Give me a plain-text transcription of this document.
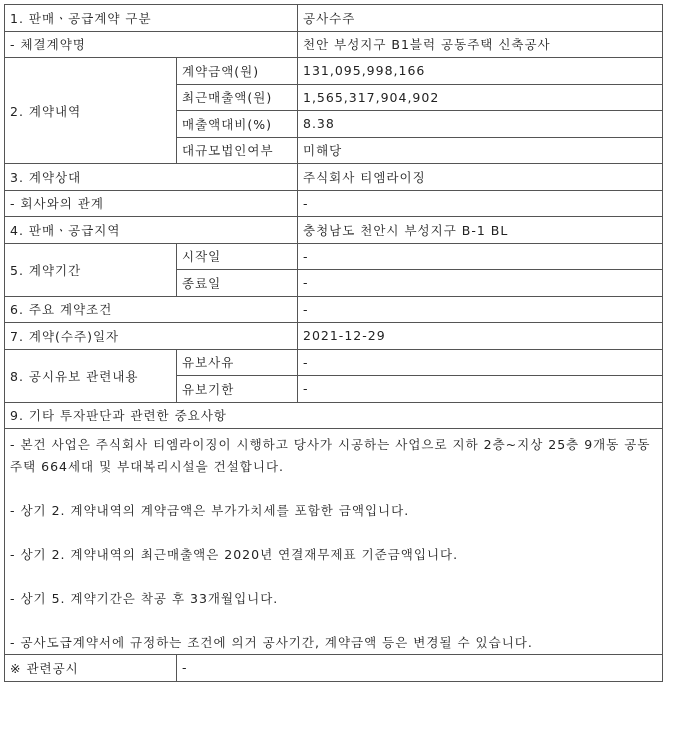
1. 판매ㆍ공급계약 구분		공사수주
- 체결계약명		천안 부성지구 B1블럭 공동주택 신축공사
2. 계약내역	계약금액(원)	131,095,998,166
	최근매출액(원)	1,565,317,904,902
	매출액대비(%)	8.38
	대규모법인여부	미해당
3. 계약상대		주식회사 티엠라이징
- 회사와의 관계		-
4. 판매ㆍ공급지역		충청남도 천안시 부성지구 B-1 BL
5. 계약기간	시작일	-
	종료일	-
6. 주요 계약조건		-
7. 계약(수주)일자		2021-12-29
8. 공시유보 관련내용	유보사유	-
	유보기한	-
9. 기타 투자판단과 관련한 중요사항		

- 본건 사업은 주식회사 티엠라이징이 시행하고 당사가 시공하는 사업으로 지하 2층~지상 25층 9개동 공동주택 664세대 및 부대복리시설을 건설합니다.
- 상기 2. 계약내역의 계약금액은 부가가치세를 포함한 금액입니다.
- 상기 2. 계약내역의 최근매출액은 2020년 연결재무제표 기준금액입니다.
- 상기 5. 계약기간은 착공 후 33개월입니다.
- 공사도급계약서에 규정하는 조건에 의거 공사기간, 계약금액 등은 변경될 수 있습니다.		

※ 관련공시	-	
